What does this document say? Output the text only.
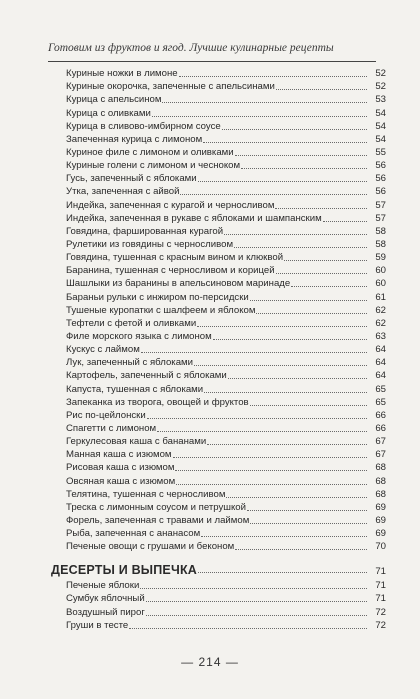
Готовим из фруктов и ягод. Лучшие кулинарные рецепты
Куриные ножки в лимоне	52
Куриные окорочка, запеченные с апельсинами	52
Курица с апельсином	53
Курица с оливками	54
Курица в сливово-имбирном соусе	54
Запеченная курица с лимоном	54
Куриное филе с лимоном и оливками	55
Куриные голени с лимоном и чесноком	56
Гусь, запеченный с яблоками	56
Утка, запеченная с айвой	56
Индейка, запеченная с курагой и черносливом	57
Индейка, запеченная в рукаве с яблоками и шампанским	57
Говядина, фаршированная курагой	58
Рулетики из говядины с черносливом	58
Говядина, тушенная с красным вином и клюквой	59
Баранина, тушенная с черносливом и корицей	60
Шашлыки из баранины в апельсиновом маринаде	60
Бараньи рульки с инжиром по-персидски	61
Тушеные куропатки с шалфеем и яблоком	62
Тефтели с фетой и оливками	62
Филе морского языка с лимоном	63
Кускус с лаймом	64
Лук, запеченный с яблоками	64
Картофель, запеченный с яблоками	64
Капуста, тушенная с яблоками	65
Запеканка из творога, овощей и фруктов	65
Рис по-цейлонски	66
Спагетти с лимоном	66
Геркулесовая каша с бананами	67
Манная каша с изюмом	67
Рисовая каша с изюмом	68
Овсяная каша с изюмом	68
Телятина, тушенная с черносливом	68
Треска с лимонным соусом и петрушкой	69
Форель, запеченная с травами и лаймом	69
Рыба, запеченная с ананасом	69
Печеные овощи с грушами и беконом	70
ДЕСЕРТЫ И ВЫПЕЧКА	71
Печеные яблоки	71
Сумбук яблочный	71
Воздушный пирог	72
Груши в тесте	72
— 214 —
